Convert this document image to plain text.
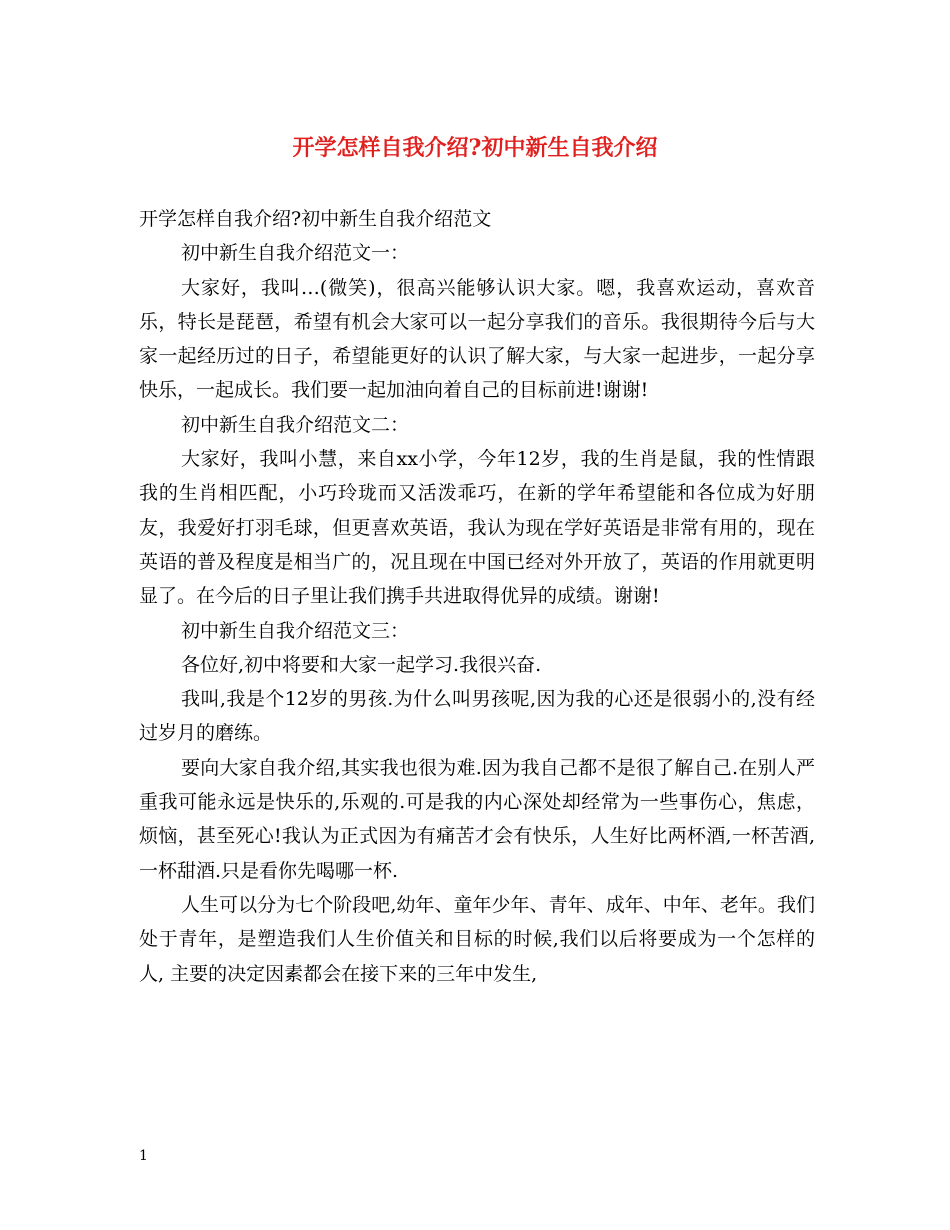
开学怎样自我介绍?初中新生自我介绍

开学怎样自我介绍?初中新生自我介绍范文

初中新生自我介绍范文一：

大家好，我叫…(微笑)，很高兴能够认识大家。嗯，我喜欢运动，喜欢音乐，特长是琵琶，希望有机会大家可以一起分享我们的音乐。我很期待今后与大家一起经历过的日子，希望能更好的认识了解大家，与大家一起进步，一起分享快乐，一起成长。我们要一起加油向着自己的目标前进!谢谢!

初中新生自我介绍范文二：

大家好，我叫小慧，来自xx小学，今年12岁，我的生肖是鼠，我的性情跟我的生肖相匹配，小巧玲珑而又活泼乖巧，在新的学年希望能和各位成为好朋友，我爱好打羽毛球，但更喜欢英语，我认为现在学好英语是非常有用的，现在英语的普及程度是相当广的，况且现在中国已经对外开放了，英语的作用就更明显了。在今后的日子里让我们携手共进取得优异的成绩。谢谢!

初中新生自我介绍范文三：

各位好,初中将要和大家一起学习.我很兴奋.

我叫,我是个12岁的男孩.为什么叫男孩呢,因为我的心还是很弱小的,没有经过岁月的磨练。

要向大家自我介绍,其实我也很为难.因为我自己都不是很了解自己.在别人严重我可能永远是快乐的,乐观的.可是我的内心深处却经常为一些事伤心，焦虑，烦恼，甚至死心!我认为正式因为有痛苦才会有快乐，人生好比两杯酒,一杯苦酒,一杯甜酒.只是看你先喝哪一杯.

人生可以分为七个阶段吧,幼年、童年少年、青年、成年、中年、老年。我们处于青年，是塑造我们人生价值关和目标的时候,我们以后将要成为一个怎样的人, 主要的决定因素都会在接下来的三年中发生,

1
